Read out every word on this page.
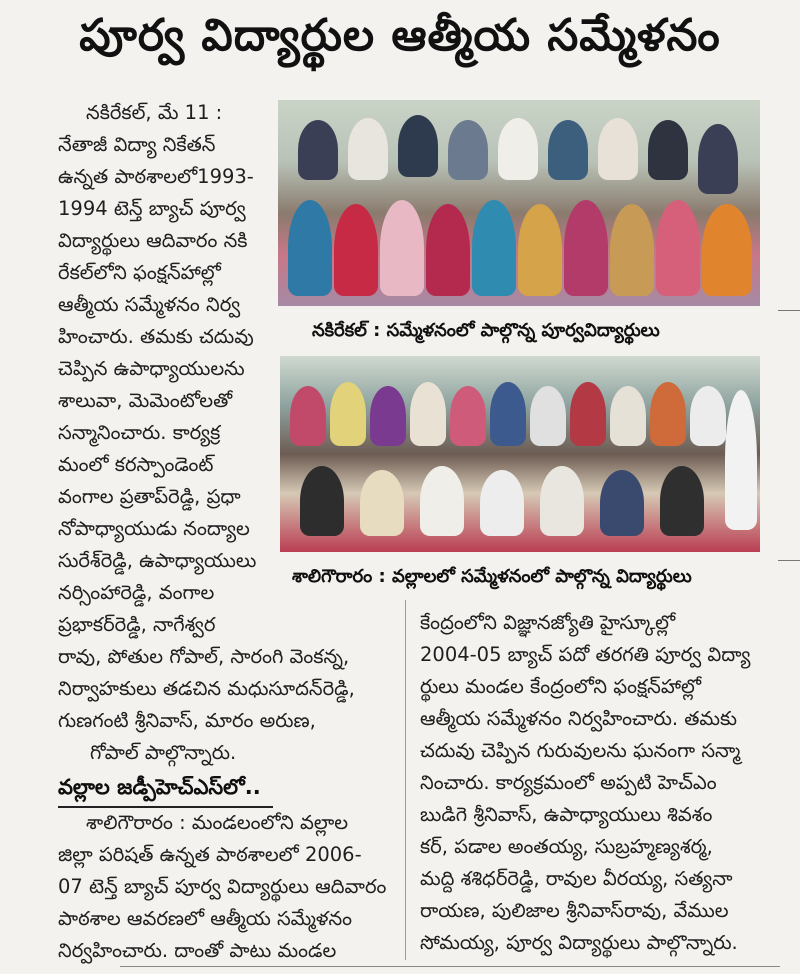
పూర్వ విద్యార్థుల ఆత్మీయ సమ్మేళనం
నకిరేకల్, మే 11 :
నేతాజీ విద్యా నికేతన్
ఉన్నత పాఠశాలలో1993-
1994 టెన్త్ బ్యాచ్ పూర్వ
విద్యార్థులు ఆదివారం నకి
రేకల్‌లోని ఫంక్షన్‌హాల్లో
ఆత్మీయ సమ్మేళనం నిర్వ
హించారు. తమకు చదువు
చెప్పిన ఉపాధ్యాయులను
శాలువా, మెమెంటోలతో
సన్మానించారు. కార్యక్ర
మంలో కరస్పాండెంట్
వంగాల ప్రతాప్‌రెడ్డి, ప్రధా
నోపాధ్యాయుడు నంద్యాల
సురేశ్‌రెడ్డి, ఉపాధ్యాయులు
నర్సింహారెడ్డి, వంగాల
ప్రభాకర్‌రెడ్డి, నాగేశ్వర
రావు, పోతుల గోపాల్, సారంగి వెంకన్న,
నిర్వాహకులు తడచిన మధుసూదన్‌రెడ్డి,
గుణగంటి శ్రీనివాస్, మారం అరుణ,
గోపాల్ పాల్గొన్నారు.
నకిరేకల్ : సమ్మేళనంలో పాల్గొన్న పూర్వవిద్యార్థులు
శాలిగౌరారం : వల్లాలలో సమ్మేళనంలో పాల్గొన్న విద్యార్థులు
వల్లాల జడ్పీహెచ్‌ఎస్‌లో..
శాలిగౌరారం : మండలంలోని వల్లాల
జిల్లా పరిషత్ ఉన్నత పాఠశాలలో 2006-
07 టెన్త్ బ్యాచ్ పూర్వ విద్యార్థులు ఆదివారం
పాఠశాల ఆవరణలో ఆత్మీయ సమ్మేళనం
నిర్వహించారు. దాంతో పాటు మండల
కేంద్రంలోని విజ్ఞానజ్యోతి హైస్కూల్లో
2004-05 బ్యాచ్ పదో తరగతి పూర్వ విద్యా
ర్థులు మండల కేంద్రంలోని ఫంక్షన్‌హాల్లో
ఆత్మీయ సమ్మేళనం నిర్వహించారు. తమకు
చదువు చెప్పిన గురువులను ఘనంగా సన్మా
నించారు. కార్యక్రమంలో అప్పటి హెచ్‌ఎం
బుడిగె శ్రీనివాస్, ఉపాధ్యాయులు శివశం
కర్, పడాల అంతయ్య, సుబ్రహ్మణ్యశర్మ,
మద్ది శశిధర్‌రెడ్డి, రావుల వీరయ్య, సత్యనా
రాయణ, పులిజాల శ్రీనివాస్‌రావు, వేముల
సోమయ్య, పూర్వ విద్యార్థులు పాల్గొన్నారు.
